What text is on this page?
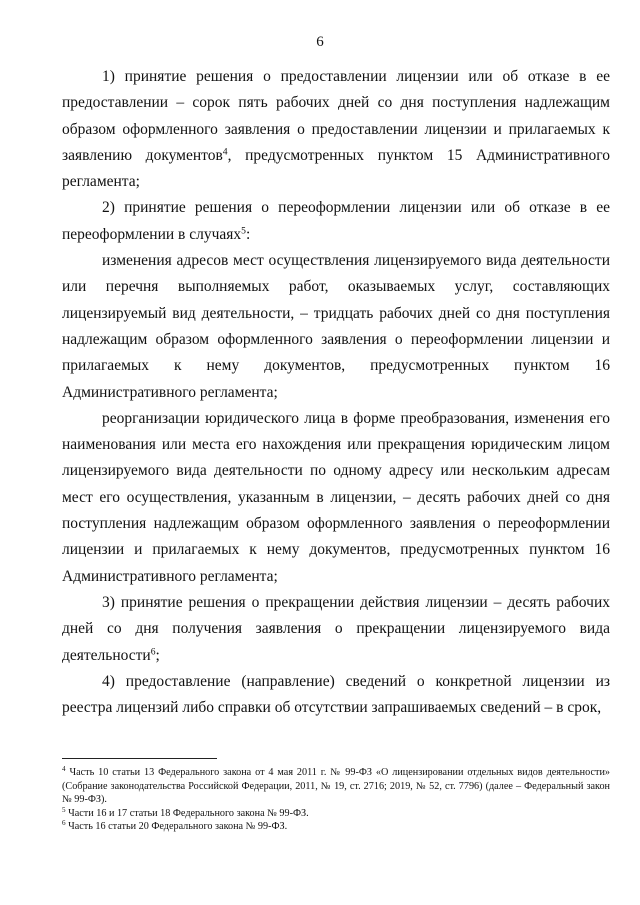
6

1) принятие решения о предоставлении лицензии или об отказе в ее предоставлении – сорок пять рабочих дней со дня поступления надлежащим образом оформленного заявления о предоставлении лицензии и прилагаемых к заявлению документов$^4$, предусмотренных пунктом 15 Административного регламента;

2) принятие решения о переоформлении лицензии или об отказе в ее переоформлении в случаях$^5$:

изменения адресов мест осуществления лицензируемого вида деятельности или перечня выполняемых работ, оказываемых услуг, составляющих лицензируемый вид деятельности, – тридцать рабочих дней со дня поступления надлежащим образом оформленного заявления о переоформлении лицензии и прилагаемых к нему документов, предусмотренных пунктом 16 Административного регламента;

реорганизации юридического лица в форме преобразования, изменения его наименования или места его нахождения или прекращения юридическим лицом лицензируемого вида деятельности по одному адресу или нескольким адресам мест его осуществления, указанным в лицензии, – десять рабочих дней со дня поступления надлежащим образом оформленного заявления о переоформлении лицензии и прилагаемых к нему документов, предусмотренных пунктом 16 Административного регламента;

3) принятие решения о прекращении действия лицензии – десять рабочих дней со дня получения заявления о прекращении лицензируемого вида деятельности$^6$;

4) предоставление (направление) сведений о конкретной лицензии из реестра лицензий либо справки об отсутствии запрашиваемых сведений – в срок,

$^4$ Часть 10 статьи 13 Федерального закона от 4 мая 2011 г. № 99-ФЗ «О лицензировании отдельных видов деятельности» (Собрание законодательства Российской Федерации, 2011, № 19, ст. 2716; 2019, № 52, ст. 7796) (далее – Федеральный закон № 99-ФЗ).

$^5$ Части 16 и 17 статьи 18 Федерального закона № 99-ФЗ.

$^6$ Часть 16 статьи 20 Федерального закона № 99-ФЗ.
